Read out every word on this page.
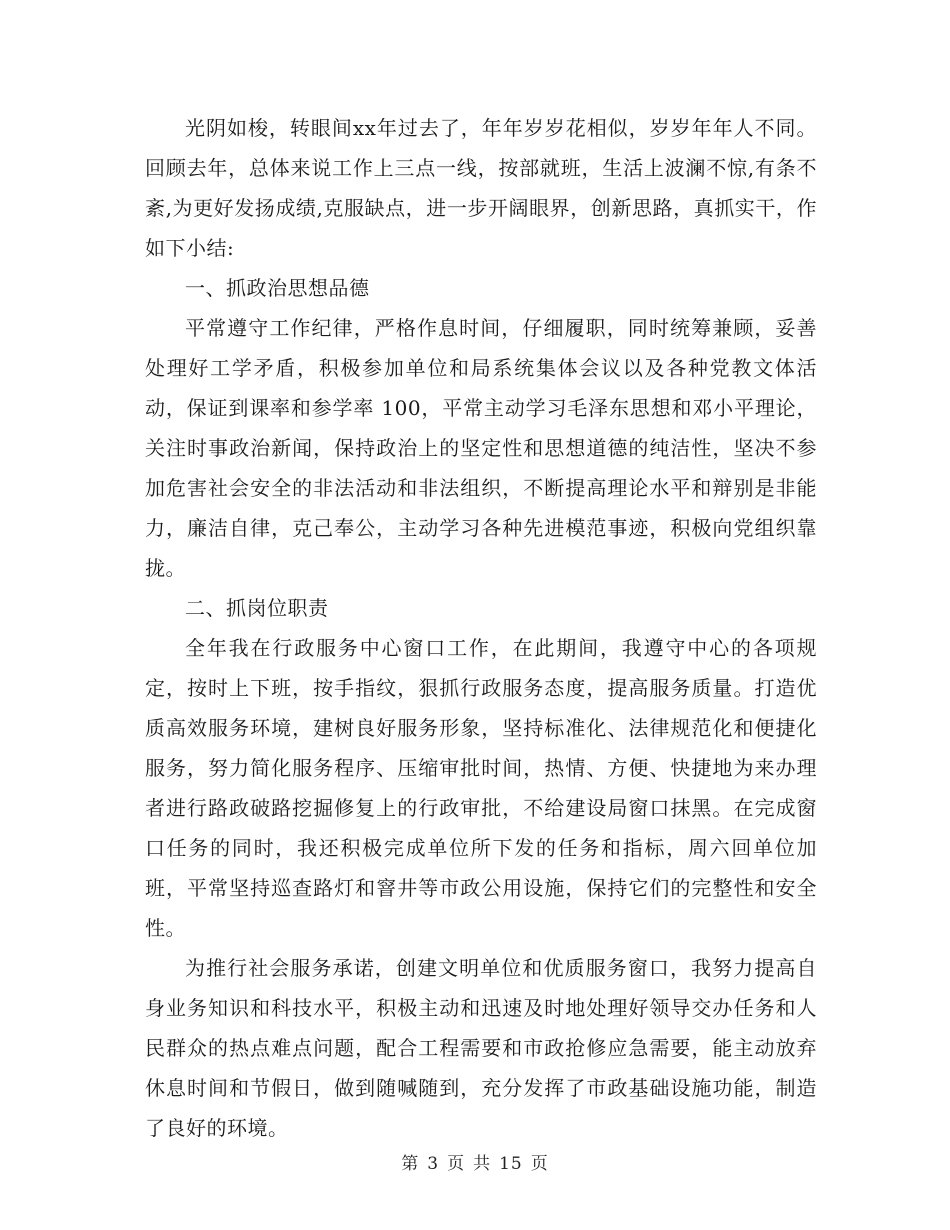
光阴如梭，转眼间xx年过去了，年年岁岁花相似，岁岁年年人不同。回顾去年，总体来说工作上三点一线，按部就班，生活上波澜不惊,有条不紊,为更好发扬成绩,克服缺点，进一步开阔眼界，创新思路，真抓实干，作如下小结:

一、抓政治思想品德

平常遵守工作纪律，严格作息时间，仔细履职，同时统筹兼顾，妥善处理好工学矛盾，积极参加单位和局系统集体会议以及各种党教文体活动，保证到课率和参学率 100，平常主动学习毛泽东思想和邓小平理论，关注时事政治新闻，保持政治上的坚定性和思想道德的纯洁性，坚决不参加危害社会安全的非法活动和非法组织，不断提高理论水平和辩别是非能力，廉洁自律，克己奉公，主动学习各种先进模范事迹，积极向党组织靠拢。

二、抓岗位职责

全年我在行政服务中心窗口工作，在此期间，我遵守中心的各项规定，按时上下班，按手指纹，狠抓行政服务态度，提高服务质量。打造优质高效服务环境，建树良好服务形象，坚持标准化、法律规范化和便捷化服务，努力简化服务程序、压缩审批时间，热情、方便、快捷地为来办理者进行路政破路挖掘修复上的行政审批，不给建设局窗口抹黑。在完成窗口任务的同时，我还积极完成单位所下发的任务和指标，周六回单位加班，平常坚持巡查路灯和窨井等市政公用设施，保持它们的完整性和安全性。

为推行社会服务承诺，创建文明单位和优质服务窗口，我努力提高自身业务知识和科技水平，积极主动和迅速及时地处理好领导交办任务和人民群众的热点难点问题，配合工程需要和市政抢修应急需要，能主动放弃休息时间和节假日，做到随喊随到，充分发挥了市政基础设施功能，制造了良好的环境。

第 3 页 共 15 页
